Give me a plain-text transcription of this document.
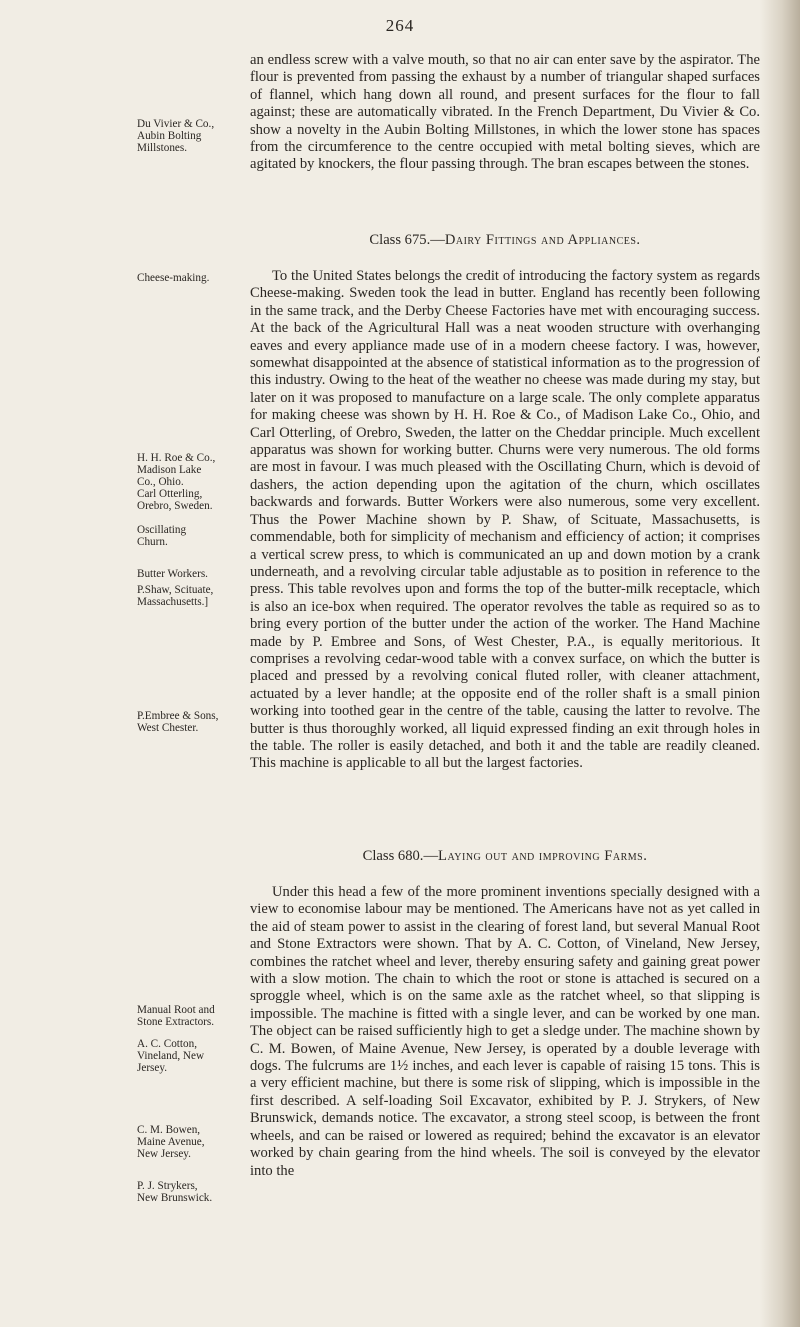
264

an endless screw with a valve mouth, so that no air can enter save by the aspirator. The flour is prevented from passing the exhaust by a number of triangular shaped surfaces of flannel, which hang down all round, and present surfaces for the flour to fall against; these are automatically vibrated. In the French Department, Du Vivier & Co. show a novelty in the Aubin Bolting Millstones, in which the lower stone has spaces from the circumference to the centre occupied with metal bolting sieves, which are agitated by knockers, the flour passing through. The bran escapes between the stones.

Class 675.—Dairy Fittings and Appliances.

To the United States belongs the credit of introducing the factory system as regards Cheese-making. Sweden took the lead in butter. England has recently been following in the same track, and the Derby Cheese Factories have met with encouraging success. At the back of the Agricultural Hall was a neat wooden structure with overhanging eaves and every appliance made use of in a modern cheese factory. I was, however, somewhat disappointed at the absence of statistical information as to the progression of this industry. Owing to the heat of the weather no cheese was made during my stay, but later on it was proposed to manufacture on a large scale. The only complete apparatus for making cheese was shown by H. H. Roe & Co., of Madison Lake Co., Ohio, and Carl Otterling, of Orebro, Sweden, the latter on the Cheddar principle. Much excellent apparatus was shown for working butter. Churns were very numerous. The old forms are most in favour. I was much pleased with the Oscillating Churn, which is devoid of dashers, the action depending upon the agitation of the churn, which oscillates backwards and forwards. Butter Workers were also numerous, some very excellent. Thus the Power Machine shown by P. Shaw, of Scituate, Massachusetts, is commendable, both for simplicity of mechanism and efficiency of action; it comprises a vertical screw press, to which is communicated an up and down motion by a crank underneath, and a revolving circular table adjustable as to position in reference to the press. This table revolves upon and forms the top of the butter-milk receptacle, which is also an ice-box when required. The operator revolves the table as required so as to bring every portion of the butter under the action of the worker. The Hand Machine made by P. Embree and Sons, of West Chester, P.A., is equally meritorious. It comprises a revolving cedar-wood table with a convex surface, on which the butter is placed and pressed by a revolving conical fluted roller, with cleaner attachment, actuated by a lever handle; at the opposite end of the roller shaft is a small pinion working into toothed gear in the centre of the table, causing the latter to revolve. The butter is thus thoroughly worked, all liquid expressed finding an exit through holes in the table. The roller is easily detached, and both it and the table are readily cleaned. This machine is applicable to all but the largest factories.

Class 680.—Laying out and improving Farms.

Under this head a few of the more prominent inventions specially designed with a view to economise labour may be mentioned. The Americans have not as yet called in the aid of steam power to assist in the clearing of forest land, but several Manual Root and Stone Extractors were shown. That by A. C. Cotton, of Vineland, New Jersey, combines the ratchet wheel and lever, thereby ensuring safety and gaining great power with a slow motion. The chain to which the root or stone is attached is secured on a sproggle wheel, which is on the same axle as the ratchet wheel, so that slipping is impossible. The machine is fitted with a single lever, and can be worked by one man. The object can be raised sufficiently high to get a sledge under. The machine shown by C. M. Bowen, of Maine Avenue, New Jersey, is operated by a double leverage with dogs. The fulcrums are 1½ inches, and each lever is capable of raising 15 tons. This is a very efficient machine, but there is some risk of slipping, which is impossible in the first described. A self-loading Soil Excavator, exhibited by P. J. Strykers, of New Brunswick, demands notice. The excavator, a strong steel scoop, is between the front wheels, and can be raised or lowered as required; behind the excavator is an elevator worked by chain gearing from the hind wheels. The soil is conveyed by the elevator into the

Du Vivier & Co.,
Aubin Bolting
Millstones.
Cheese-making.
H. H. Roe & Co.,
Madison Lake
Co., Ohio.
Carl Otterling,
Orebro, Sweden.
Oscillating
Churn.
Butter Workers.
P.Shaw, Scituate,
Massachusetts.]
P.Embree & Sons,
West Chester.
Manual Root and
Stone Extractors.
A. C. Cotton,
Vineland, New
Jersey.
C. M. Bowen,
Maine Avenue,
New Jersey.
P. J. Strykers,
New Brunswick.
